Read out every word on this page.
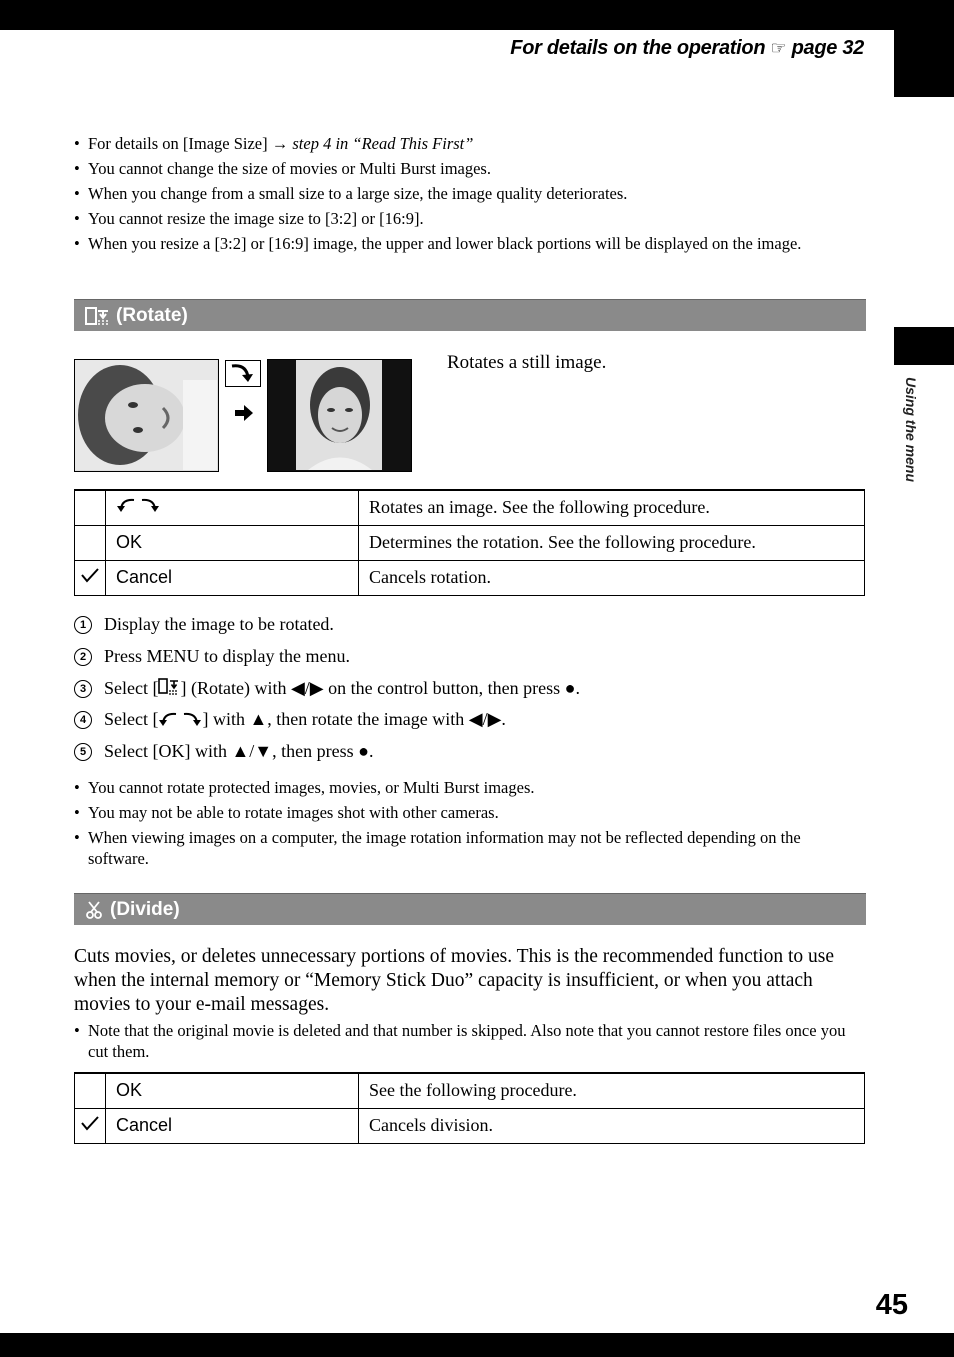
For details on the operation ☞ page 32
Using the menu
45
• For details on [Image Size] → step 4 in “Read This First”
• You cannot change the size of movies or Multi Burst images.
• When you change from a small size to a large size, the image quality deteriorates.
• You cannot resize the image size to [3:2] or [16:9].
• When you resize a [3:2] or [16:9] image, the upper and lower black portions will be displayed on the image.
(Rotate)
Rotates a still image.
		Rotates an image. See the following procedure.
	OK	Determines the rotation. See the following procedure.
	Cancel	Cancels rotation.
1 Display the image to be rotated.
2 Press MENU to display the menu.
3 Select [ ] (Rotate) with ◀/▶ on the control button, then press ●.
4 Select [ ] with ▲, then rotate the image with ◀/▶.
5 Select [OK] with ▲/▼, then press ●.
• You cannot rotate protected images, movies, or Multi Burst images.
• You may not be able to rotate images shot with other cameras.
• When viewing images on a computer, the image rotation information may not be reflected depending on the software.
(Divide)
Cuts movies, or deletes unnecessary portions of movies. This is the recommended function to use when the internal memory or “Memory Stick Duo” capacity is insufficient, or when you attach movies to your e-mail messages.
• Note that the original movie is deleted and that number is skipped. Also note that you cannot restore files once you cut them.
	OK	See the following procedure.
	Cancel	Cancels division.
